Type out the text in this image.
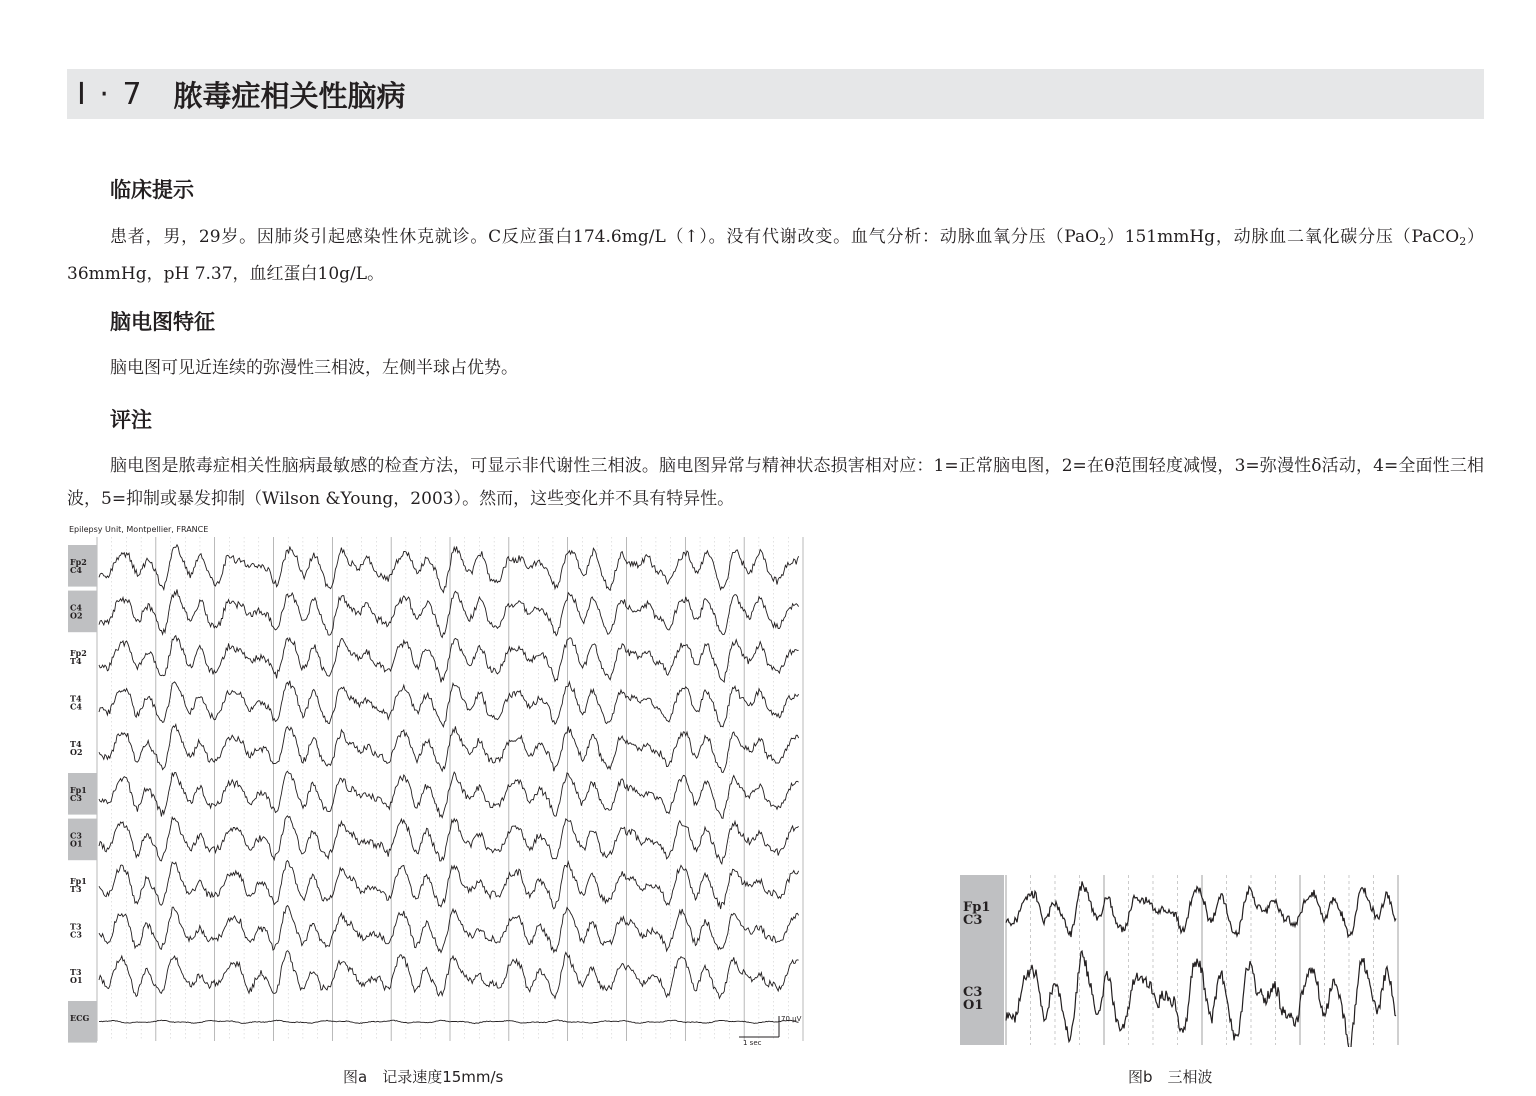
Ⅰ · 7 脓毒症相关性脑病
临床提示

患者，男，29岁。因肺炎引起感染性休克就诊。C反应蛋白174.6mg/L（↑）。没有代谢改变。血气分析：动脉血氧分压（PaO$_2$）151mmHg，动脉血二氧化碳分压（PaCO$_2$）36mmHg，pH 7.37，血红蛋白10g/L。

脑电图特征

脑电图可见近连续的弥漫性三相波，左侧半球占优势。

评注

脑电图是脓毒症相关性脑病最敏感的检查方法，可显示非代谢性三相波。脑电图异常与精神状态损害相对应：1=正常脑电图，2=在θ范围轻度减慢，3=弥漫性δ活动，4=全面性三相波，5=抑制或暴发抑制（Wilson &Young，2003）。然而，这些变化并不具有特异性。

Epilepsy Unit, Montpellier, FRANCE
Fp2
C4
C4
O2
Fp2
T4
T4
C4
T4
O2
Fp1
C3
C3
O1
Fp1
T3
T3
C3
T3
O1
ECG	70 µV
1 sec
图a　记录速度15mm/s
Fp1
C3
C3
O1
图b　三相波
